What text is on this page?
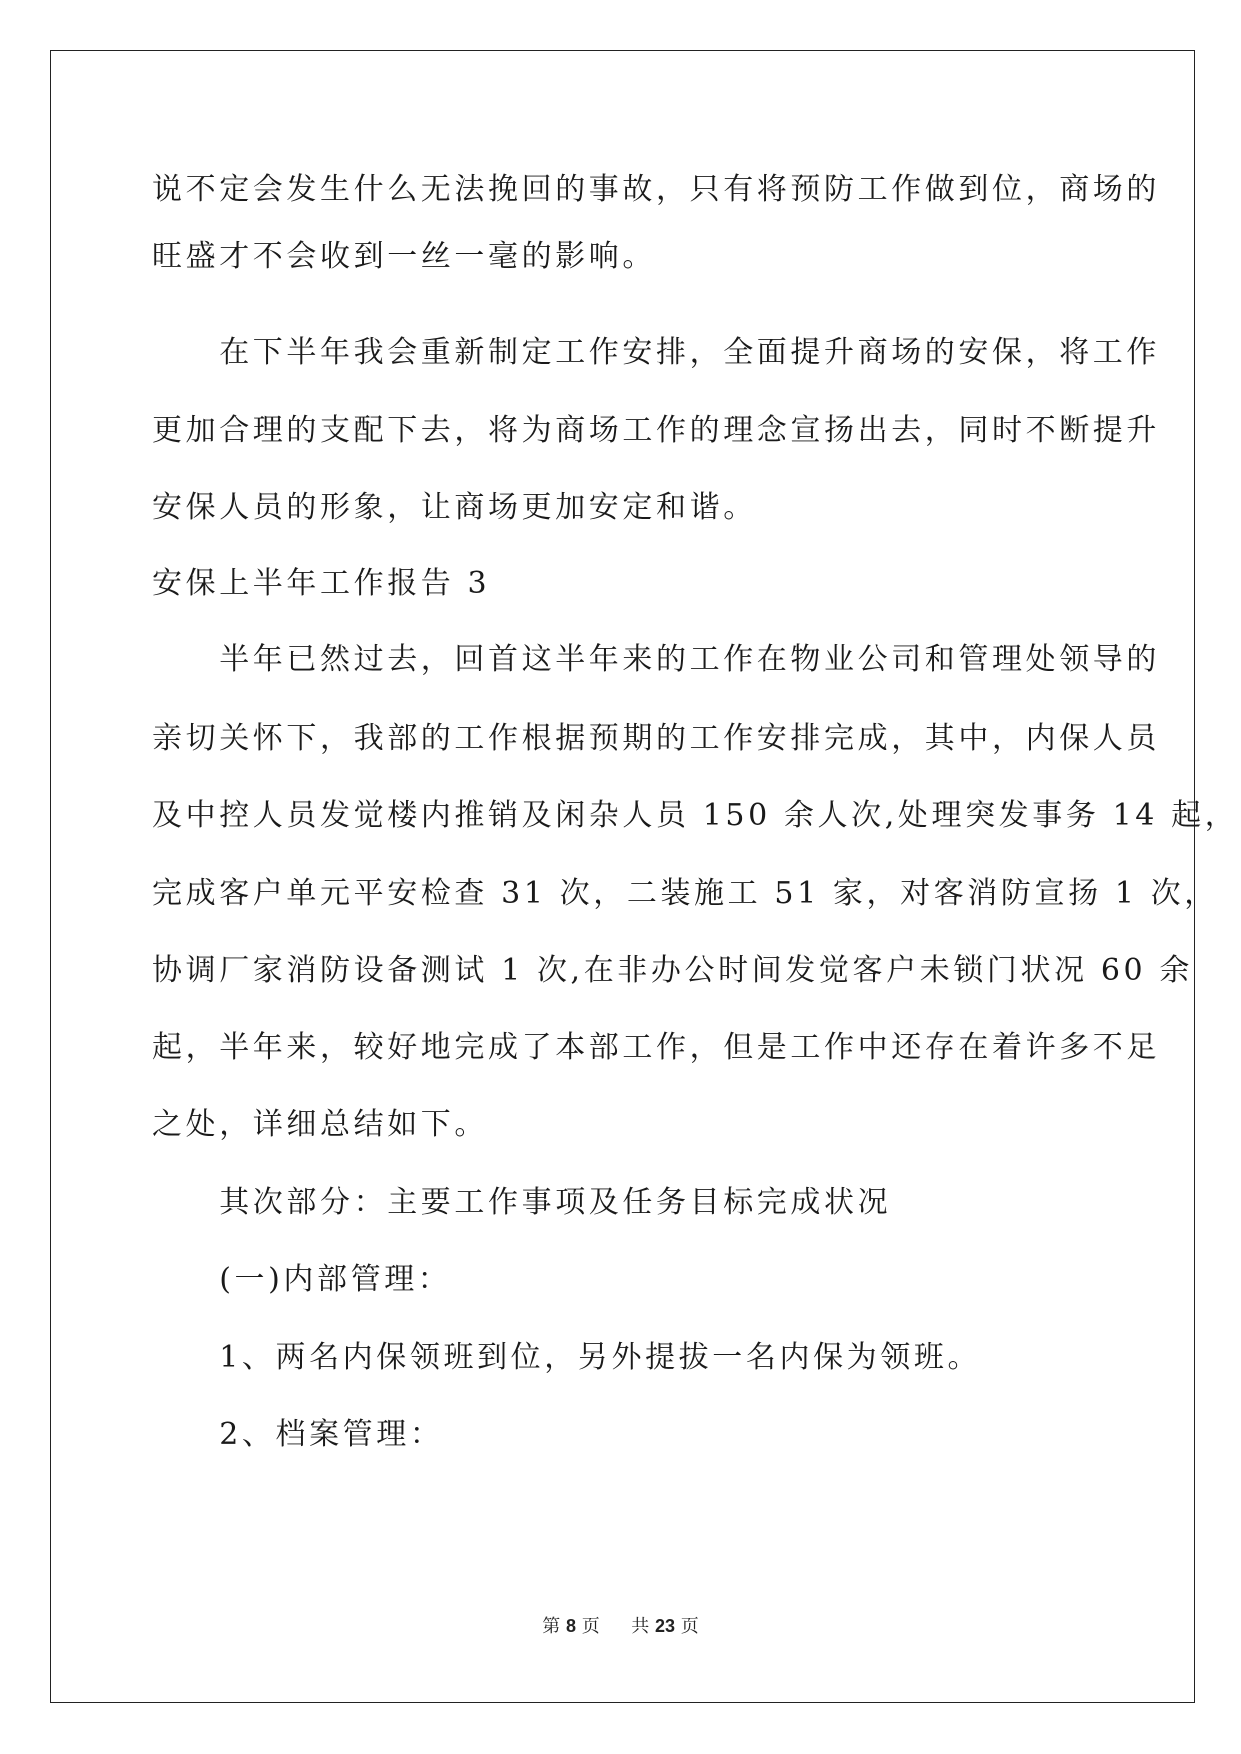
说不定会发生什么无法挽回的事故，只有将预防工作做到位，商场的
旺盛才不会收到一丝一毫的影响。
　　在下半年我会重新制定工作安排，全面提升商场的安保，将工作
更加合理的支配下去，将为商场工作的理念宣扬出去，同时不断提升
安保人员的形象，让商场更加安定和谐。
安保上半年工作报告 3
　　半年已然过去，回首这半年来的工作在物业公司和管理处领导的
亲切关怀下，我部的工作根据预期的工作安排完成，其中，内保人员
及中控人员发觉楼内推销及闲杂人员 150 余人次,处理突发事务 14 起，
完成客户单元平安检查 31 次，二装施工 51 家，对客消防宣扬 1 次，
协调厂家消防设备测试 1 次,在非办公时间发觉客户未锁门状况 60 余
起，半年来，较好地完成了本部工作，但是工作中还存在着许多不足
之处，详细总结如下。
　　其次部分：主要工作事项及任务目标完成状况
　　(一)内部管理：
　　1、两名内保领班到位，另外提拔一名内保为领班。
　　2、档案管理：
第 8 页 共 23 页
